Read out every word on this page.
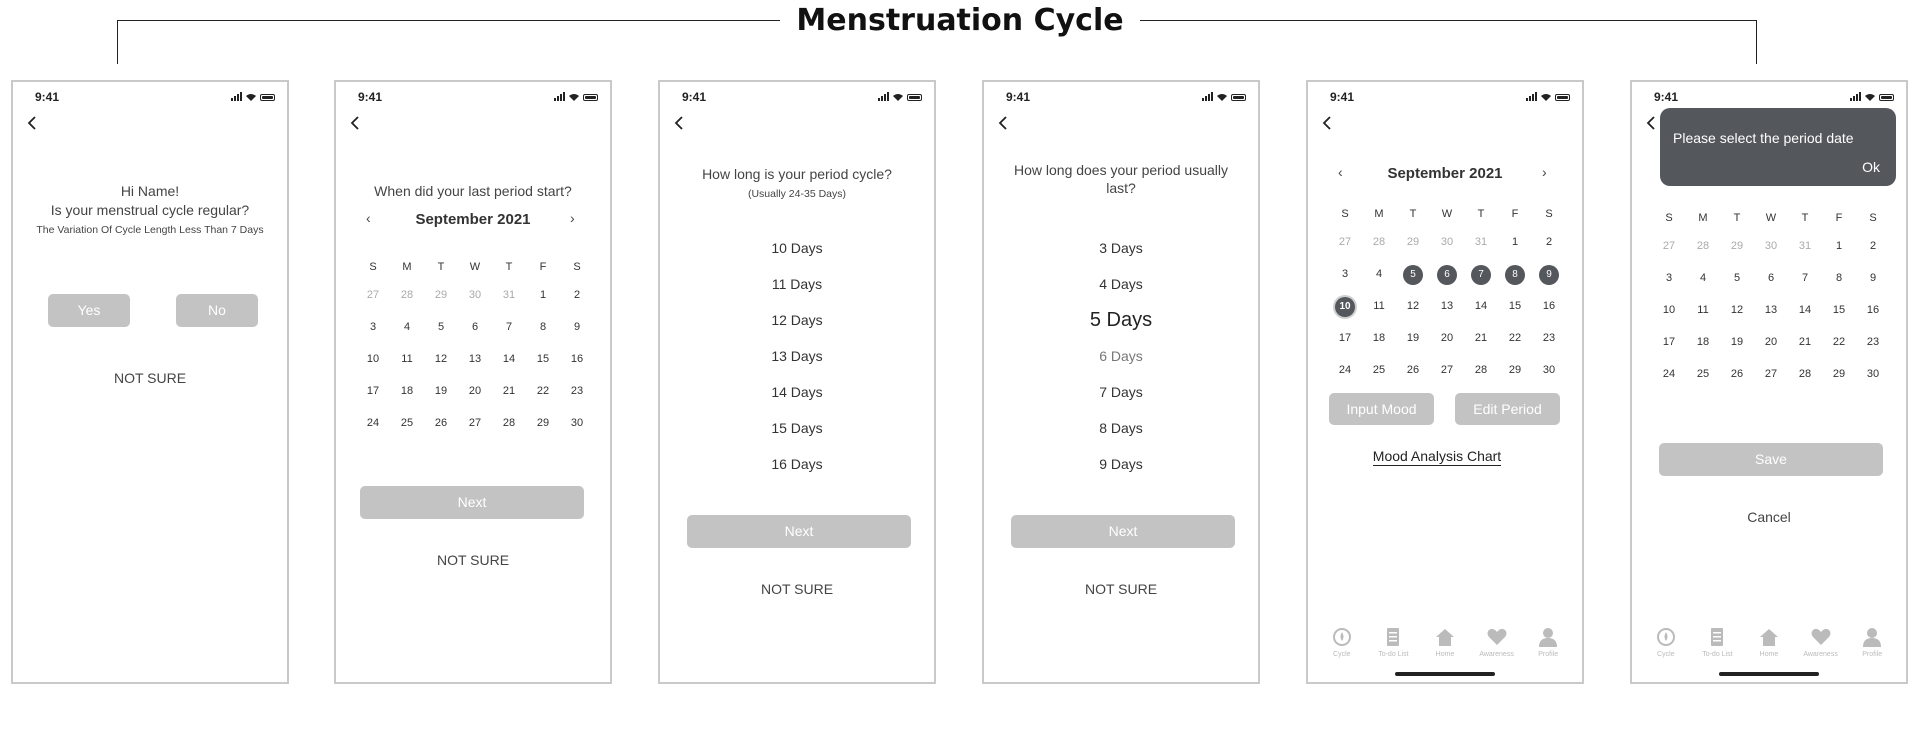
Menstruation Cycle
9:41
Hi Name!
Is your menstrual cycle regular?
The Variation Of Cycle Length Less Than 7 Days
Yes	No
NOT SURE
9:41
When did your last period start?
September 2021
‹	›
S	M	T	W	T	F	S
27	28	29	30	31	1	2
3	4	5	6	7	8	9
10	11	12	13	14	15	16
17	18	19	20	21	22	23
24	25	26	27	28	29	30
Next
NOT SURE
9:41
How long is your period cycle?
(Usually 24-35 Days)
10 Days
11 Days
12 Days
13 Days
14 Days
15 Days
16 Days
Next
NOT SURE
9:41
How long does your period usually
last?
3 Days
4 Days
5 Days
6 Days
7 Days
8 Days
9 Days
Next
NOT SURE
9:41
September 2021
‹	›
S	M	T	W	T	F	S
27	28	29	30	31	1	2
3	4	5	6	7	8	9
10	11	12	13	14	15	16
17	18	19	20	21	22	23
24	25	26	27	28	29	30
Input Mood	Edit Period
Mood Analysis Chart
Cycle	To-do List	Home	Awareness	Profile
9:41
S	M	T	W	T	F	S
27	28	29	30	31	1	2
3	4	5	6	7	8	9
10	11	12	13	14	15	16
17	18	19	20	21	22	23
24	25	26	27	28	29	30
Save
Cancel
Cycle	To-do List	Home	Awareness	Profile
Please select the period date
Ok
